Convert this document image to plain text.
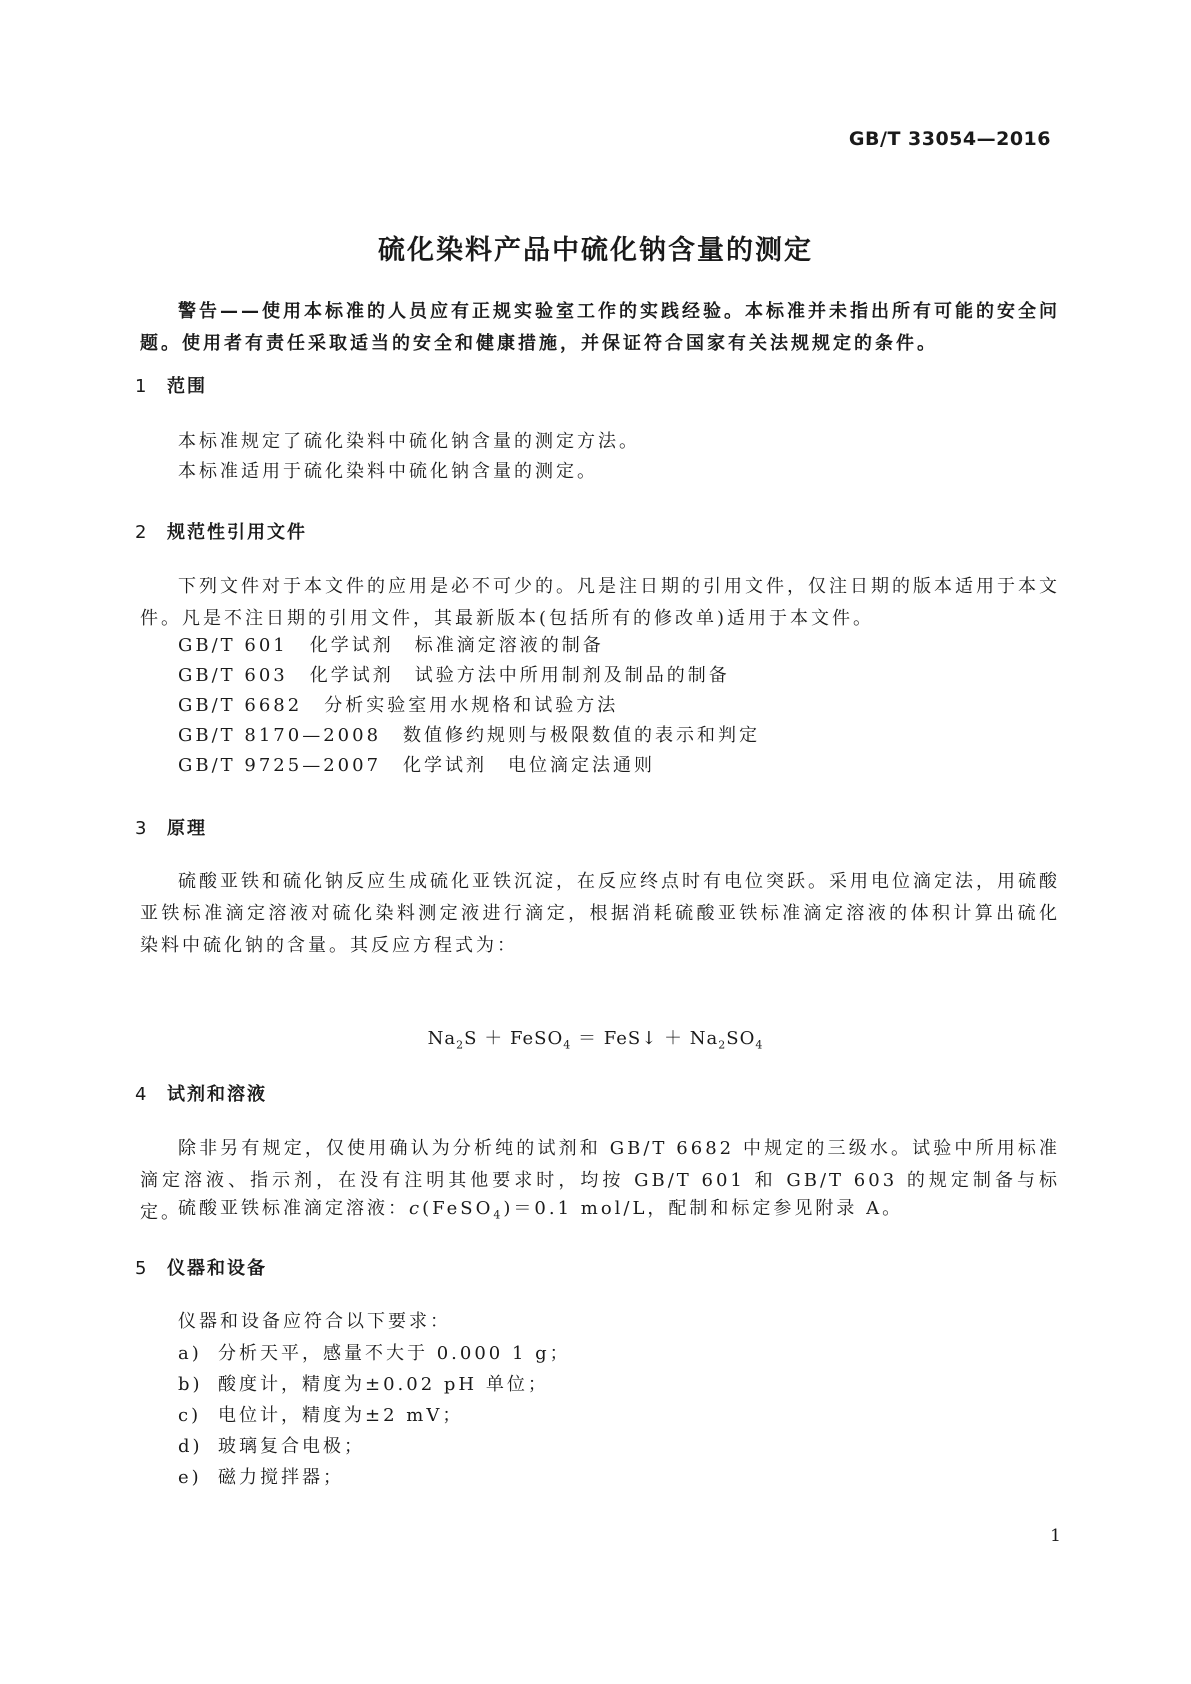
GB/T 33054—2016
硫化染料产品中硫化钠含量的测定
警告——使用本标准的人员应有正规实验室工作的实践经验。本标准并未指出所有可能的安全问题。使用者有责任采取适当的安全和健康措施，并保证符合国家有关法规规定的条件。
1 范围
本标准规定了硫化染料中硫化钠含量的测定方法。
本标准适用于硫化染料中硫化钠含量的测定。
2 规范性引用文件
下列文件对于本文件的应用是必不可少的。凡是注日期的引用文件，仅注日期的版本适用于本文件。凡是不注日期的引用文件，其最新版本(包括所有的修改单)适用于本文件。
GB/T 601 化学试剂　标准滴定溶液的制备
GB/T 603 化学试剂　试验方法中所用制剂及制品的制备
GB/T 6682 分析实验室用水规格和试验方法
GB/T 8170—2008 数值修约规则与极限数值的表示和判定
GB/T 9725—2007 化学试剂　电位滴定法通则
3 原理
硫酸亚铁和硫化钠反应生成硫化亚铁沉淀，在反应终点时有电位突跃。采用电位滴定法，用硫酸亚铁标准滴定溶液对硫化染料测定液进行滴定，根据消耗硫酸亚铁标准滴定溶液的体积计算出硫化染料中硫化钠的含量。其反应方程式为：
$Na_2S$ ＋ FeSO$_4$ ＝ FeS↓ ＋ $Na_2SO_4$
4 试剂和溶液
除非另有规定，仅使用确认为分析纯的试剂和 GB/T 6682 中规定的三级水。试验中所用标准滴定溶液、指示剂，在没有注明其他要求时，均按 GB/T 601 和 GB/T 603 的规定制备与标定。
硫酸亚铁标准滴定溶液：c(FeSO$_4$)＝0.1 mol/L，配制和标定参见附录 A。
5 仪器和设备
仪器和设备应符合以下要求：
a) 分析天平，感量不大于 0.000 1 g；
b) 酸度计，精度为±0.02 pH 单位；
c) 电位计，精度为±2 mV；
d) 玻璃复合电极；
e) 磁力搅拌器；
1
